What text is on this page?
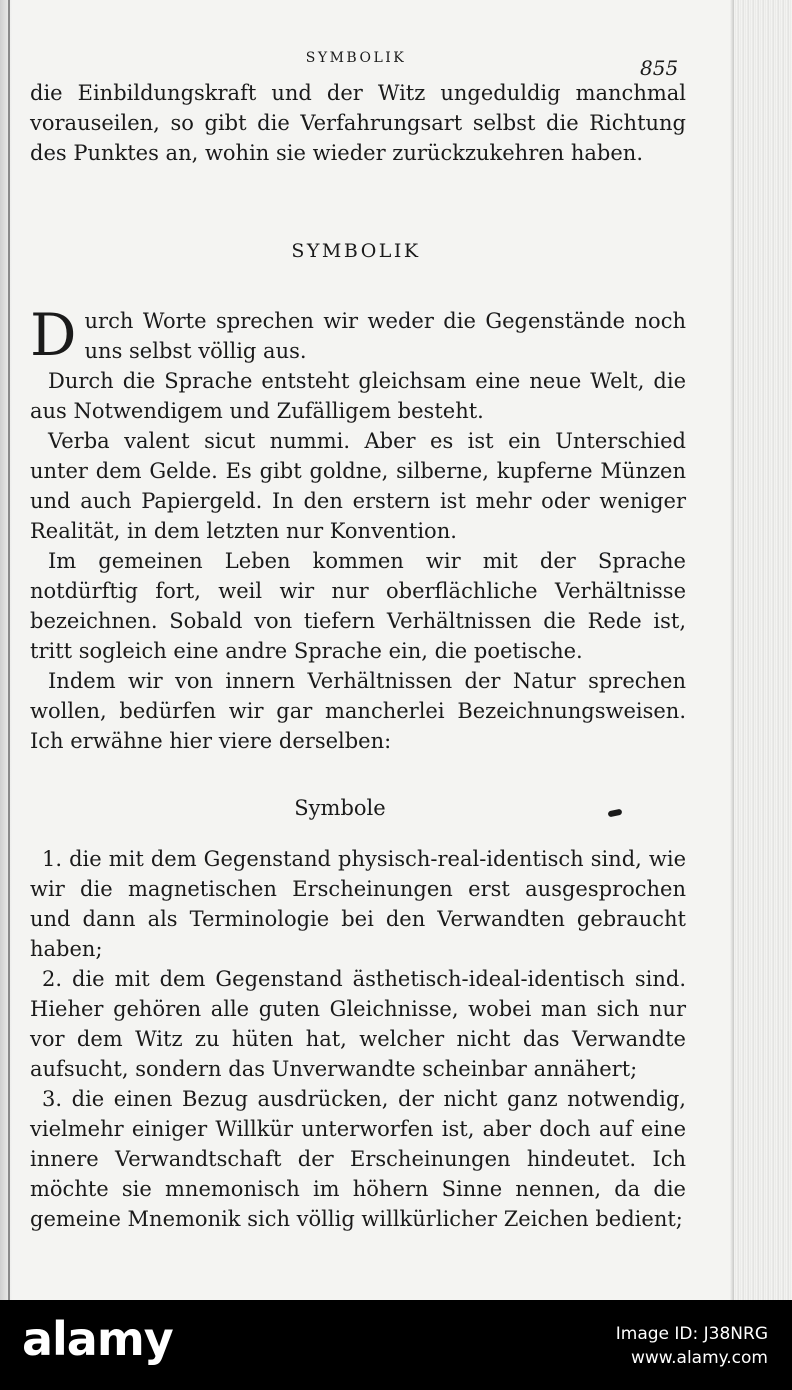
SYMBOLIK	855

die Einbildungskraft und der Witz ungeduldig manchmal vorauseilen, so gibt die Verfahrungsart selbst die Richtung des Punktes an, wohin sie wieder zurückzukehren haben.

SYMBOLIK

Durch Worte sprechen wir weder die Gegenstände noch uns selbst völlig aus.

Durch die Sprache entsteht gleichsam eine neue Welt, die aus Notwendigem und Zufälligem besteht.

Verba valent sicut nummi. Aber es ist ein Unterschied unter dem Gelde. Es gibt goldne, silberne, kupferne Münzen und auch Papiergeld. In den erstern ist mehr oder weniger Realität, in dem letzten nur Konvention.

Im gemeinen Leben kommen wir mit der Sprache notdürftig fort, weil wir nur oberflächliche Verhältnisse bezeichnen. Sobald von tiefern Verhältnissen die Rede ist, tritt sogleich eine andre Sprache ein, die poetische.

Indem wir von innern Verhältnissen der Natur sprechen wollen, bedürfen wir gar mancherlei Bezeichnungsweisen. Ich erwähne hier viere derselben:

Symbole

1. die mit dem Gegenstand physisch-real-identisch sind, wie wir die magnetischen Erscheinungen erst ausgesprochen und dann als Terminologie bei den Verwandten gebraucht haben;

2. die mit dem Gegenstand ästhetisch-ideal-identisch sind. Hieher gehören alle guten Gleichnisse, wobei man sich nur vor dem Witz zu hüten hat, welcher nicht das Verwandte aufsucht, sondern das Unverwandte scheinbar annähert;

3. die einen Bezug ausdrücken, der nicht ganz notwendig, vielmehr einiger Willkür unterworfen ist, aber doch auf eine innere Verwandtschaft der Erscheinungen hindeutet. Ich möchte sie mnemonisch im höhern Sinne nennen, da die gemeine Mnemonik sich völlig willkürlicher Zeichen bedient;

alamy	Image ID: J38NRG
www.alamy.com
